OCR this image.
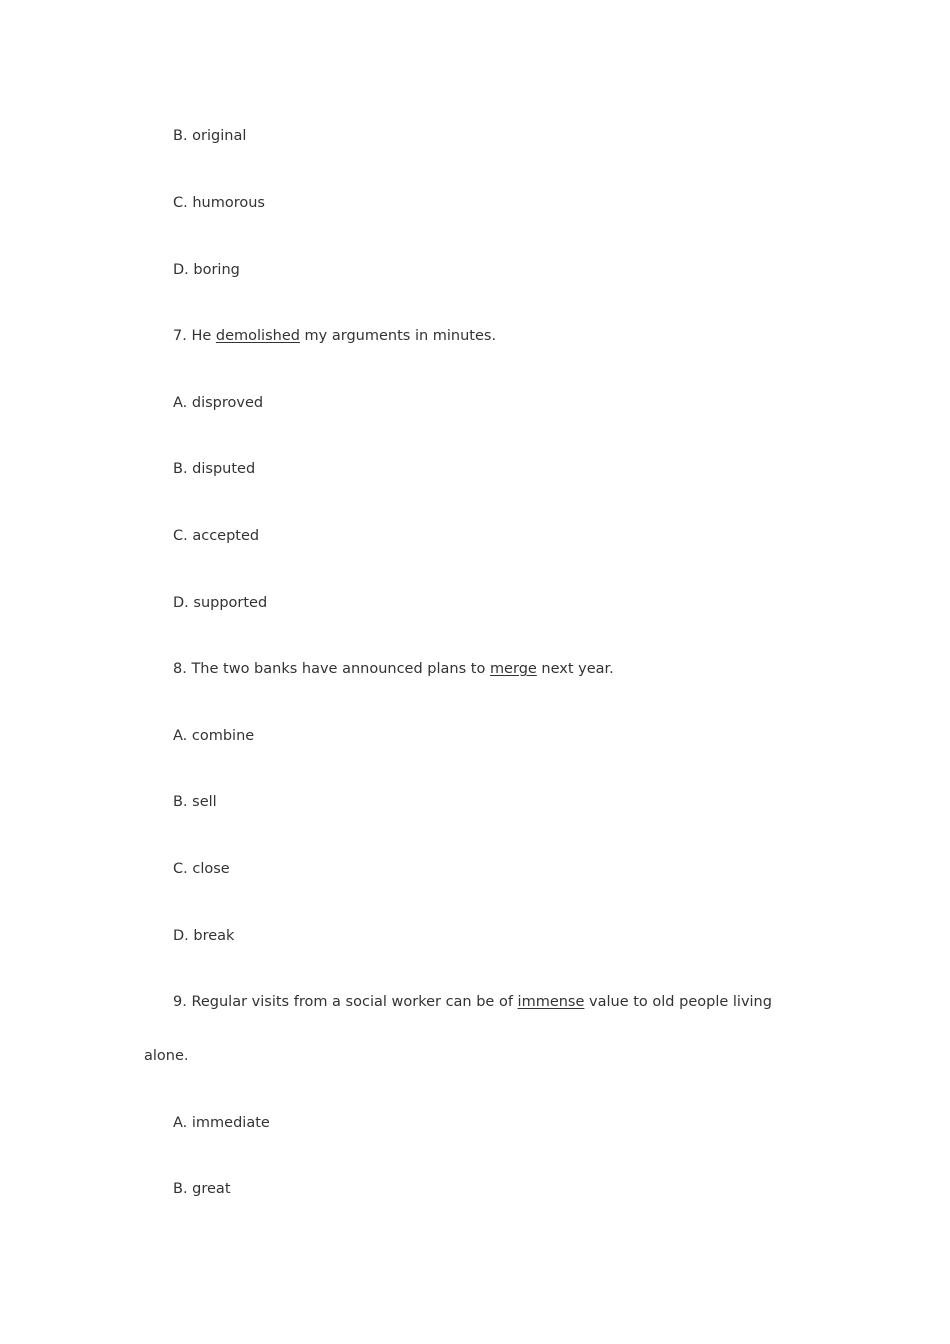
B. original
C. humorous
D. boring
7. He demolished my arguments in minutes.
A. disproved
B. disputed
C. accepted
D. supported
8. The two banks have announced plans to merge next year.
A. combine
B. sell
C. close
D. break
9. Regular visits from a social worker can be of immense value to old people living
alone.
A. immediate
B. great
